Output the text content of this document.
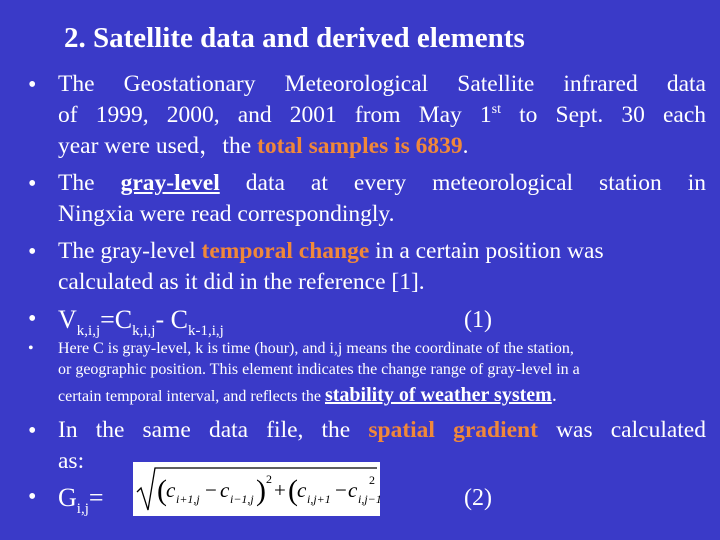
2. Satellite data and derived elements
• The Geostationary Meteorological Satellite infrared data
of 1999, 2000, and 2001 from May 1st to Sept. 30 each
year were used，the total samples is 6839.
• The gray-level data at every meteorological station in
Ningxia were read correspondingly.
• The gray-level temporal change in a certain position was
calculated as it did in the reference [1].
• $V_{k,i,j}=C_{k,i,j}-$ $C_{k-1,i,j}$	(1)
• Here C is gray-level, k is time (hour), and i,j means the coordinate of the station,
or geographic position. This element indicates the change range of gray-level in a
certain temporal interval, and reflects the stability of weather system.
• In the same data file, the spatial gradient was calculated
as:
• $G_{i,j}=$ ( c i+1,j − c i−1,j ) 2 + ( c i,j+1 − c i,j−1
2
(2)
